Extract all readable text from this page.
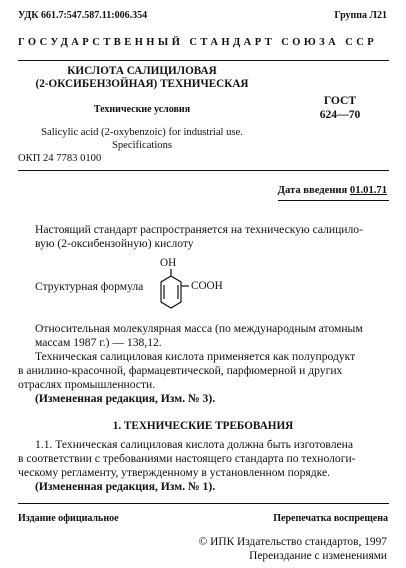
УДК 661.7:547.587.11:006.354	Группа Л21
ГОСУДАРСТВЕННЫЙ СТАНДАРТ СОЮЗА ССР
КИСЛОТА САЛИЦИЛОВАЯ
(2-ОКСИБЕНЗОЙНАЯ) ТЕХНИЧЕСКАЯ
Технические условия
Salicylic acid (2-oxybenzoic) for industrial use.
Specifications
ГОСТ
624—70
ОКП 24 7783 0100
Дата введения 01.01.71
Настоящий стандарт распространяется на техническую салицило-
вую (2-оксибензойную) кислоту
Структурная формула
OH
COOH
Относительная молекулярная масса (по международным атомным
массам 1987 г.) — 138,12.
Техническая салициловая кислота применяется как полупродукт
в анилино-красочной, фармацевтической, парфюмерной и других
отраслях промышленности.
(Измененная редакция, Изм. № 3).
1. ТЕХНИЧЕСКИЕ ТРЕБОВАНИЯ
1.1. Техническая салициловая кислота должна быть изготовлена
в соответствии с требованиями настоящего стандарта по технологи-
ческому регламенту, утвержденному в установленном порядке.
(Измененная редакция, Изм. № 1).
Издание официальное	Перепечатка воспрещена
© ИПК Издательство стандартов, 1997
Переиздание с изменениями
